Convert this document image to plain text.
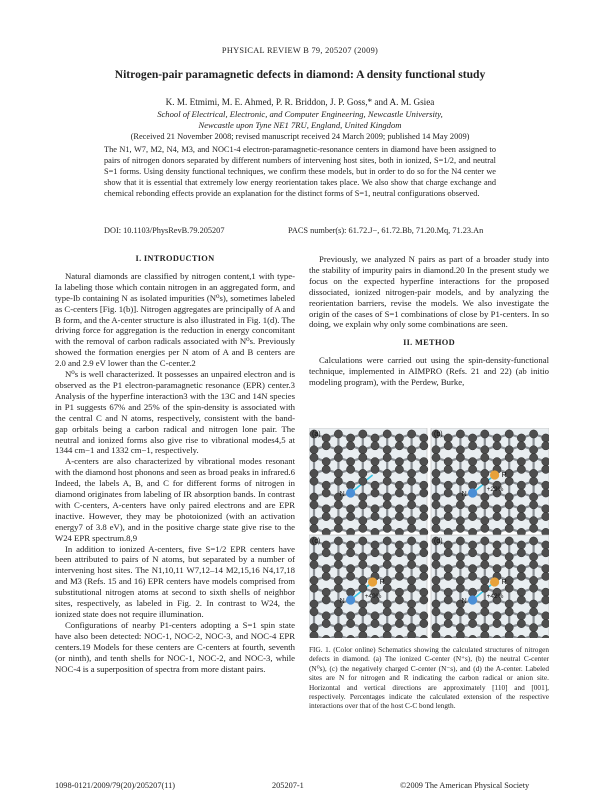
PHYSICAL REVIEW B 79, 205207 (2009)
Nitrogen-pair paramagnetic defects in diamond: A density functional study
K. M. Etmimi, M. E. Ahmed, P. R. Briddon, J. P. Goss,* and A. M. Gsiea
School of Electrical, Electronic, and Computer Engineering, Newcastle University,
Newcastle upon Tyne NE1 7RU, England, United Kingdom
(Received 21 November 2008; revised manuscript received 24 March 2009; published 14 May 2009)
The N1, W7, M2, N4, M3, and NOC1-4 electron-paramagnetic-resonance centers in diamond have been assigned to pairs of nitrogen donors separated by different numbers of intervening host sites, both in ionized, S=1/2, and neutral S=1 forms. Using density functional techniques, we confirm these models, but in order to do so for the N4 center we show that it is essential that extremely low energy reorientation takes place. We also show that charge exchange and chemical rebonding effects provide an explanation for the distinct forms of S=1, neutral configurations observed.
DOI: 10.1103/PhysRevB.79.205207	PACS number(s): 61.72.J−, 61.72.Bb, 71.20.Mq, 71.23.An
I. INTRODUCTION

Natural diamonds are classified by nitrogen content,1 with type-Ia labeling those which contain nitrogen in an aggregated form, and type-Ib containing N as isolated impurities (N⁰s), sometimes labeled as C-centers [Fig. 1(b)]. Nitrogen aggregates are principally of A and B form, and the A-center structure is also illustrated in Fig. 1(d). The driving force for aggregation is the reduction in energy concomitant with the removal of carbon radicals associated with N⁰s. Previously showed the formation energies per N atom of A and B centers are 2.0 and 2.9 eV lower than the C-center.2

N⁰s is well characterized. It possesses an unpaired electron and is observed as the P1 electron-paramagnetic resonance (EPR) center.3 Analysis of the hyperfine interaction3 with the 13C and 14N species in P1 suggests 67% and 25% of the spin-density is associated with the central C and N atoms, respectively, consistent with the band-gap orbitals being a carbon radical and nitrogen lone pair. The neutral and ionized forms also give rise to vibrational modes4,5 at 1344 cm−1 and 1332 cm−1, respectively.

A-centers are also characterized by vibrational modes resonant with the diamond host phonons and seen as broad peaks in infrared.6 Indeed, the labels A, B, and C for different forms of nitrogen in diamond originates from labeling of IR absorption bands. In contrast with C-centers, A-centers have only paired electrons and are EPR inactive. However, they may be photoionized (with an activation energy7 of 3.8 eV), and in the positive charge state give rise to the W24 EPR spectrum.8,9

In addition to ionized A-centers, five S=1/2 EPR centers have been attributed to pairs of N atoms, but separated by a number of intervening host sites. The N1,10,11 W7,12–14 M2,15,16 N4,17,18 and M3 (Refs. 15 and 16) EPR centers have models comprised from substitutional nitrogen atoms at second to sixth shells of neighbor sites, respectively, as labeled in Fig. 2. In contrast to W24, the ionized state does not require illumination.

Configurations of nearby P1-centers adopting a S=1 spin state have also been detected: NOC-1, NOC-2, NOC-3, and NOC-4 EPR centers.19 Models for these centers are C-centers at fourth, seventh (or ninth), and tenth shells for NOC-1, NOC-2, and NOC-3, while NOC-4 is a superposition of spectra from more distant pairs.

Previously, we analyzed N pairs as part of a broader study into the stability of impurity pairs in diamond.20 In the present study we focus on the expected hyperfine interactions for the proposed dissociated, ionized nitrogen-pair models, and by analyzing the reorientation barriers, revise the models. We also investigate the origin of the cases of S=1 combinations of close by P1-centers. In so doing, we explain why only some combinations are seen.

II. METHOD

Calculations were carried out using the spin-density-functional technique, implemented in AIMPRO (Refs. 21 and 22) (ab initio modeling program), with the Perdew, Burke,

N
(a)
N
R
+29%
(b)
N
R
+40%
(c)
N
R
+42%
(d)
FIG. 1. (Color online) Schematics showing the calculated structures of nitrogen defects in diamond. (a) The ionized C-center (N⁺s), (b) the neutral C-center (N⁰s), (c) the negatively charged C-center (N⁻s), and (d) the A-center. Labeled sites are N for nitrogen and R indicating the carbon radical or anion site. Horizontal and vertical directions are approximately [110] and [001], respectively. Percentages indicate the calculated extension of the respective interactions over that of the host C-C bond length.
1098-0121/2009/79(20)/205207(11)	205207-1	©2009 The American Physical Society
